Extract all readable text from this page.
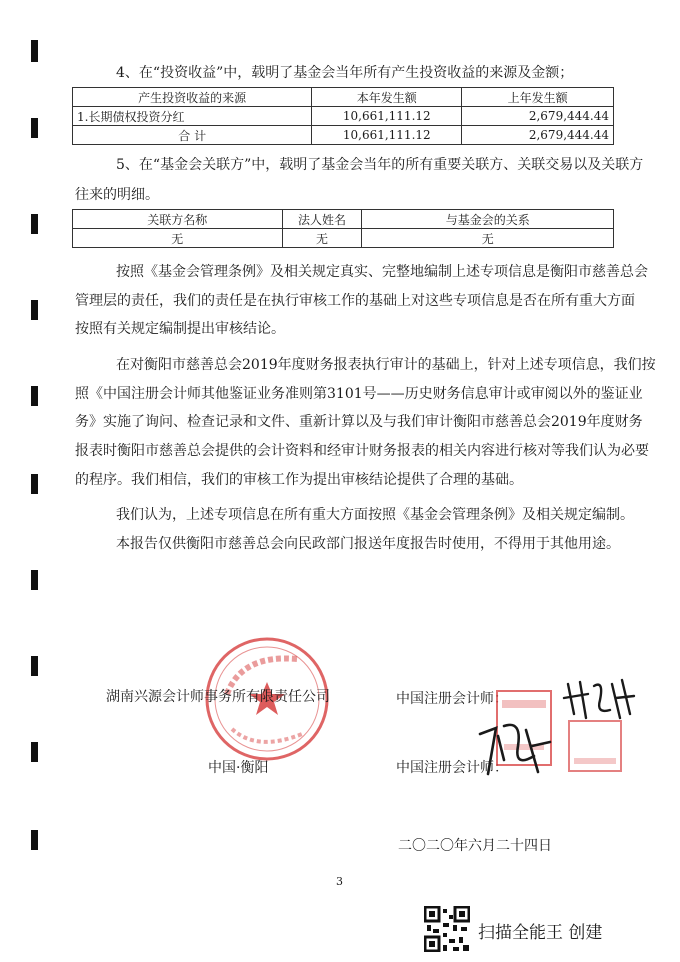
4、在“投资收益”中，载明了基金会当年所有产生投资收益的来源及金额；
产生投资收益的来源	本年发生额	上年发生额
1.长期债权投资分红	10,661,111.12	2,679,444.44
合 计	10,661,111.12	2,679,444.44
5、在“基金会关联方”中，载明了基金会当年的所有重要关联方、关联交易以及关联方
往来的明细。
关联方名称	法人姓名	与基金会的关系
无	无	无
按照《基金会管理条例》及相关规定真实、完整地编制上述专项信息是衡阳市慈善总会
管理层的责任，我们的责任是在执行审核工作的基础上对这些专项信息是否在所有重大方面
按照有关规定编制提出审核结论。
在对衡阳市慈善总会2019年度财务报表执行审计的基础上，针对上述专项信息，我们按
照《中国注册会计师其他鉴证业务准则第3101号——历史财务信息审计或审阅以外的鉴证业
务》实施了询问、检查记录和文件、重新计算以及与我们审计衡阳市慈善总会2019年度财务
报表时衡阳市慈善总会提供的会计资料和经审计财务报表的相关内容进行核对等我们认为必要
的程序。我们相信，我们的审核工作为提出审核结论提供了合理的基础。
我们认为，上述专项信息在所有重大方面按照《基金会管理条例》及相关规定编制。
本报告仅供衡阳市慈善总会向民政部门报送年度报告时使用，不得用于其他用途。
湖南兴源会计师事务所有限责任公司
中国·衡阳
中国注册会计师：
中国注册会计师：
二〇二〇年六月二十四日
3
扫描全能王 创建
